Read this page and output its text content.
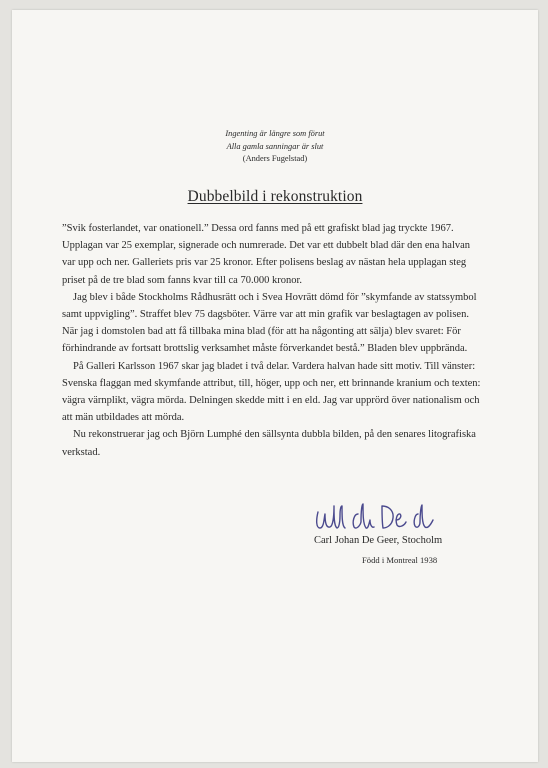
Ingenting är längre som förut
Alla gamla sanningar är slut
(Anders Fugelstad)
Dubbelbild i rekonstruktion

”Svik fosterlandet, var onationell.” Dessa ord fanns med på ett grafiskt blad jag tryckte 1967. Upplagan var 25 exemplar, signerade och numrerade. Det var ett dubbelt blad där den ena halvan var upp och ner. Galleriets pris var 25 kronor. Efter polisens beslag av nästan hela upplagan steg priset på de tre blad som fanns kvar till ca 70.000 kronor.

Jag blev i både Stockholms Rådhusrätt och i Svea Hovrätt dömd för ”skymfande av statssymbol samt uppvigling”. Straffet blev 75 dagsböter. Värre var att min grafik var beslagtagen av polisen. När jag i domstolen bad att få tillbaka mina blad (för att ha någonting att sälja) blev svaret: För förhindrande av fortsatt brottslig verksamhet måste förverkandet bestå.” Bladen blev uppbrända.

På Galleri Karlsson 1967 skar jag bladet i två delar. Vardera halvan hade sitt motiv. Till vänster: Svenska flaggan med skymfande attribut, till, höger, upp och ner, ett brinnande kranium och texten: vägra värnplikt, vägra mörda. Delningen skedde mitt i en eld. Jag var upprörd över nationalism och att män utbildades att mörda.

Nu rekonstruerar jag och Björn Lumphé den sällsynta dubbla bilden, på den senares litografiska verkstad.

Carl Johan De Geer, Stocholm
Född i Montreal 1938
